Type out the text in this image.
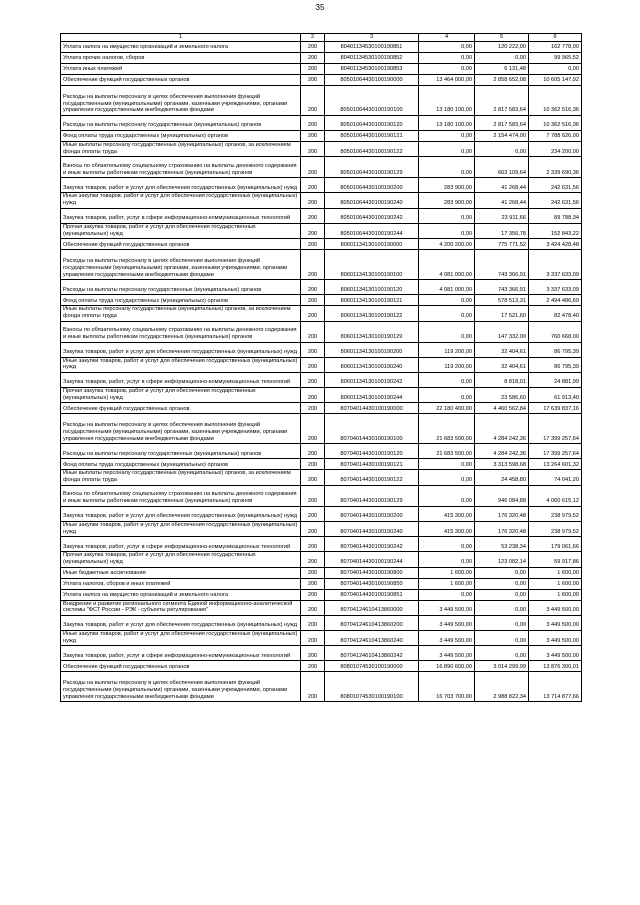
35
1	2	3	4	5	6
Уплата налога на имущество организаций и земельного налога	200	80401134530100190851	0,00	120 222,00	162 778,00
Уплата прочих налогов, сборов	200	80401134530100190852	0,00	0,00	99 965,52
Уплата иных платежей	200	80401134530100190853	0,00	6 131,48	0,00
Обеспечение функций государственных органов	200	80501064430100190000	13 464 000,00	2 858 652,08	10 605 147,92
Расходы на выплаты персоналу в целях обеспечения выполнения функций государственными (муниципальными) органами, казенными учреждениями, органами управления государственными внебюджетными фондами	200	80501064430100190100	13 180 100,00	2 817 583,64	10 362 516,36
Расходы на выплаты персоналу государственных (муниципальных) органов	200	80501064430100190120	13 180 100,00	2 817 583,64	10 362 516,36
Фонд оплаты труда государственных (муниципальных) органов	200	80501064430100190121	0,00	2 154 474,00	7 788 626,00
Иные выплаты персоналу государственных (муниципальных) органов, за исключением фонда оплаты труда	200	80501064430100190122	0,00	0,00	234 200,00
Взносы по обязательному социальному страхованию на выплаты денежного содержания и иные выплаты работникам государственных (муниципальных) органов	200	80501064430100190129	0,00	663 109,64	2 339 690,36
Закупка товаров, работ и услуг для обеспечения государственных (муниципальных) нужд	200	80501064430100190200	283 900,00	41 268,44	242 631,56
Иные закупки товаров, работ и услуг для обеспечения государственных (муниципальных) нужд	200	80501064430100190240	283 900,00	41 268,44	242 631,56
Закупка товаров, работ, услуг в сфере информационно-коммуникационных технологий	200	80501064430100190242	0,00	23 911,66	89 788,34
Прочая закупка товаров, работ и услуг для обеспечения государственных (муниципальных) нужд	200	80501064430100190244	0,00	17 356,78	152 843,22
Обеспечение функций государственных органов	200	80601134130100190000	4 200 200,00	775 771,52	3 424 428,48
Расходы на выплаты персоналу в целях обеспечения выполнения функций государственными (муниципальными) органами, казенными учреждениями, органами управления государственными внебюджетными фондами	200	80601134130100190100	4 081 000,00	743 366,91	3 337 633,09
Расходы на выплаты персоналу государственных (муниципальных) органов	200	80601134130100190120	4 081 000,00	743 366,91	3 337 633,09
Фонд оплаты труда государственных (муниципальных) органов	200	80601134130100190121	0,00	578 513,31	2 494 486,69
Иные выплаты персоналу государственных (муниципальных) органов, за исключением фонда оплаты труда	200	80601134130100190122	0,00	17 521,60	82 478,40
Взносы по обязательному социальному страхованию на выплаты денежного содержания и иные выплаты работникам государственных (муниципальных) органов	200	80601134130100190129	0,00	147 332,00	760 668,00
Закупка товаров, работ и услуг для обеспечения государственных (муниципальных) нужд	200	80601134130100190200	119 200,00	32 404,61	86 795,39
Иные закупки товаров, работ и услуг для обеспечения государственных (муниципальных) нужд	200	80601134130100190240	119 200,00	32 404,61	86 795,39
Закупка товаров, работ, услуг в сфере информационно-коммуникационных технологий	200	80601134130100190242	0,00	8 818,01	24 881,99
Прочая закупка товаров, работ и услуг для обеспечения государственных (муниципальных) нужд	200	80601134130100190244	0,00	23 586,60	61 913,40
Обеспечение функций государственных органов	200	80704014430100190000	22 180 400,00	4 460 562,84	17 639 837,16
Расходы на выплаты персоналу в целях обеспечения выполнения функций государственными (муниципальными) органами, казенными учреждениями, органами управления государственными внебюджетными фондами	200	80704014430100190100	21 683 500,00	4 284 242,36	17 399 257,64
Расходы на выплаты персоналу государственных (муниципальных) органов	200	80704014430100190120	21 683 500,00	4 284 242,36	17 399 257,64
Фонд оплаты труда государственных (муниципальных) органов	200	80704014430100190121	0,00	3 313 598,68	13 264 601,32
Иные выплаты персоналу государственных (муниципальных) органов, за исключением фонда оплаты труда	200	80704014430100190122	0,00	24 458,80	74 041,20
Взносы по обязательному социальному страхованию на выплаты денежного содержания и иные выплаты работникам государственных (муниципальных) органов	200	80704014430100190129	0,00	946 084,88	4 060 615,12
Закупка товаров, работ и услуг для обеспечения государственных (муниципальных) нужд	200	80704014430100190200	415 300,00	176 320,48	238 979,52
Иные закупки товаров, работ и услуг для обеспечения государственных (муниципальных) нужд	200	80704014430100190240	415 300,00	176 320,48	238 979,52
Закупка товаров, работ, услуг в сфере информационно-коммуникационных технологий	200	80704014430100190242	0,00	53 238,34	179 061,66
Прочая закупка товаров, работ и услуг для обеспечения государственных (муниципальных) нужд	200	80704014430100190244	0,00	123 082,14	59 917,86
Иные бюджетные ассигнования	200	80704014430100190800	1 600,00	0,00	1 600,00
Уплата налогов, сборов и иных платежей	200	80704014430100190850	1 600,00	0,00	1 600,00
Уплата налога на имущество организаций и земельного налога	200	80704014430100190851	0,00	0,00	1 600,00
Внедрение и развитие регионального сегмента Единой информационно-аналитической системы "ФСТ России - РЭК - субъекты регулирования"	200	80704124610413860000	3 449 500,00	0,00	3 449 500,00
Закупка товаров, работ и услуг для обеспечения государственных (муниципальных) нужд	200	80704124610413860200	3 449 500,00	0,00	3 449 500,00
Иные закупки товаров, работ и услуг для обеспечения государственных (муниципальных) нужд	200	80704124610413860240	3 449 500,00	0,00	3 449 500,00
Закупка товаров, работ, услуг в сфере информационно-коммуникационных технологий	200	80704124610413860242	3 449 500,00	0,00	3 449 500,00
Обеспечение функций государственных органов	200	80801074530100190000	16 890 600,00	3 014 299,99	13 876 300,01
Расходы на выплаты персоналу в целях обеспечения выполнения функций государственными (муниципальными) органами, казенными учреждениями, органами управления государственными внебюджетными фондами	200	80801074530100190100	16 703 700,00	2 988 822,34	13 714 877,66
